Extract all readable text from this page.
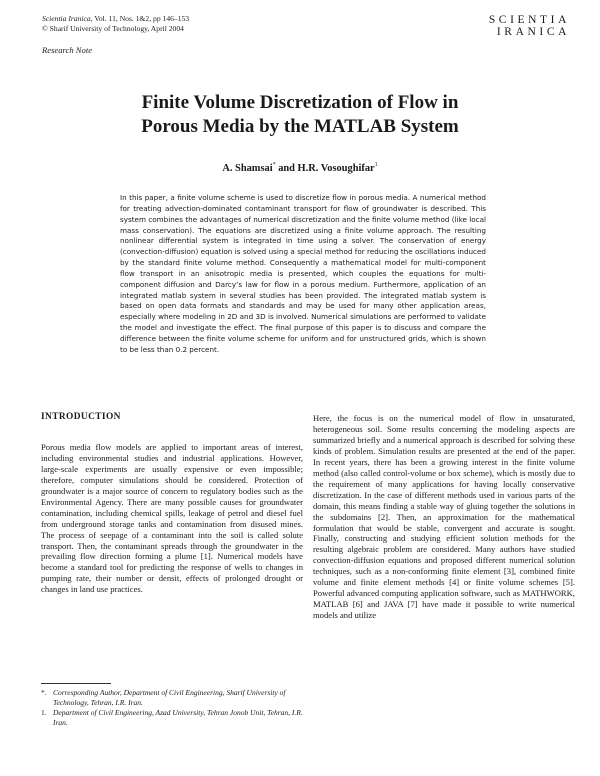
Scientia Iranica, Vol. 11, Nos. 1&2, pp 146–153
© Sharif University of Technology, April 2004
SCIENTIA
IRANICA
Research Note
Finite Volume Discretization of Flow in
Porous Media by the MATLAB System
A. Shamsai* and H.R. Vosoughifar$^1$
In this paper, a finite volume scheme is used to discretize flow in porous media. A numerical method for treating advection-dominated contaminant transport for flow of groundwater is described. This system combines the advantages of numerical discretization and the finite volume method (like local mass conservation). The equations are discretized using a finite volume approach. The resulting nonlinear differential system is integrated in time using a solver. The conservation of energy (convection-diffusion) equation is solved using a special method for reducing the oscillations induced by the standard finite volume method. Consequently a mathematical model for multi-component flow transport in an anisotropic media is presented, which couples the equations for multi-component diffusion and Darcy’s law for flow in a porous medium. Furthermore, application of an integrated matlab system in several studies has been provided. The integrated matlab system is based on open data formats and standards and may be used for many other application areas, especially where modeling in 2D and 3D is involved. Numerical simulations are performed to validate the model and investigate the effect. The final purpose of this paper is to discuss and compare the difference between the finite volume scheme for uniform and for unstructured grids, which is shown to be less than 0.2 percent.
INTRODUCTION

Porous media flow models are applied to important areas of interest, including environmental studies and industrial applications. However, large-scale experiments are usually expensive or even impossible; therefore, computer simulations should be considered. Protection of groundwater is a major source of concern to regulatory bodies such as the Environmental Agency. There are many possible causes for groundwater contamination, including chemical spills, leakage of petrol and diesel fuel from underground storage tanks and contamination from disused mines. The process of seepage of a contaminant into the soil is called solute transport. Then, the contaminant spreads through the groundwater in the prevailing flow direction forming a plume [1]. Numerical models have become a standard tool for predicting the response of wells to changes in pumping rate, their number or densit, effects of prolonged drought or changes in land use practices.

Here, the focus is on the numerical model of flow in unsaturated, heterogeneous soil. Some results concerning the modeling aspects are summarized briefly and a numerical approach is described for solving these kinds of problem. Simulation results are presented at the end of the paper. In recent years, there has been a growing interest in the finite volume method (also called control-volume or box scheme), which is mostly due to the requirement of many applications for having locally conservative discretization. In the case of different methods used in various parts of the domain, this means finding a stable way of gluing together the solutions in the subdomains [2]. Then, an approximation for the mathematical formulation that would be stable, convergent and accurate is sought. Finally, constructing and studying efficient solution methods for the resulting algebraic problem are considered. Many authors have studied convection-diffusion equations and proposed different numerical solution techniques, such as a non-conforming finite element [3], combined finite volume and finite element methods [4] or finite volume schemes [5]. Powerful advanced computing application software, such as MATHWORK, MATLAB [6] and JAVA [7] have made it possible to write numerical models and utilize

*. Corresponding Author, Department of Civil Engineering, Sharif University of Technology, Tehran, I.R. Iran.
1. Department of Civil Engineering, Azad University, Tehran Jonob Unit, Tehran, I.R. Iran.
